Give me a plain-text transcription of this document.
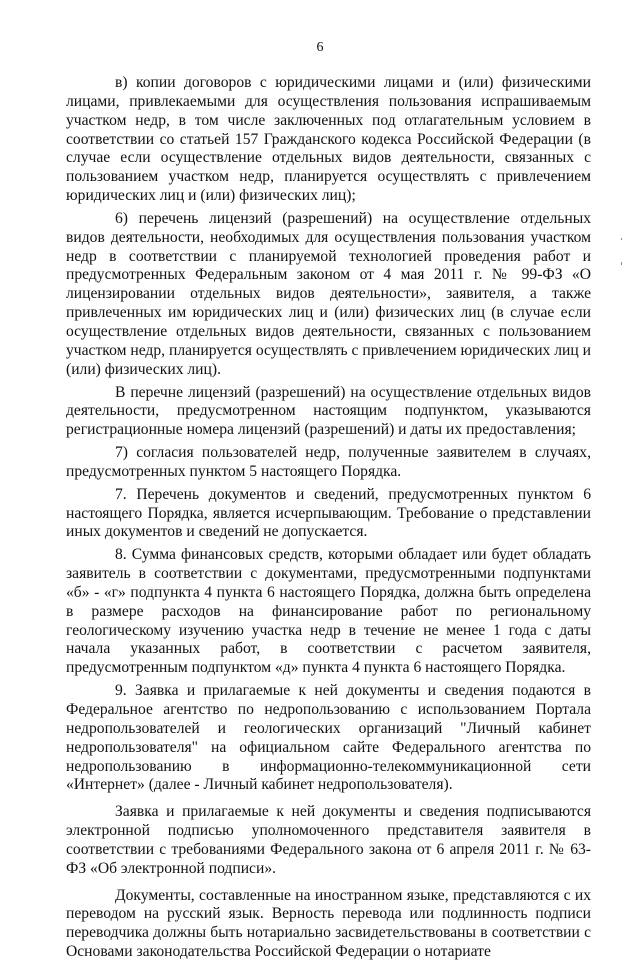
6

в) копии договоров с юридическими лицами и (или) физическими лицами, привлекаемыми для осуществления пользования испрашиваемым участком недр, в том числе заключенных под отлагательным условием в соответствии со статьей 157 Гражданского кодекса Российской Федерации (в случае если осуществление отдельных видов деятельности, связанных с пользованием участком недр, планируется осуществлять с привлечением юридических лиц и (или) физических лиц);

6) перечень лицензий (разрешений) на осуществление отдельных видов деятельности, необходимых для осуществления пользования участком недр в соответствии с планируемой технологией проведения работ и предусмотренных Федеральным законом от 4 мая 2011 г. № 99-ФЗ «О лицензировании отдельных видов деятельности», заявителя, а также привлеченных им юридических лиц и (или) физических лиц (в случае если осуществление отдельных видов деятельности, связанных с пользованием участком недр, планируется осуществлять с привлечением юридических лиц и (или) физических лиц).

В перечне лицензий (разрешений) на осуществление отдельных видов деятельности, предусмотренном настоящим подпунктом, указываются регистрационные номера лицензий (разрешений) и даты их предоставления;

7) согласия пользователей недр, полученные заявителем в случаях, предусмотренных пунктом 5 настоящего Порядка.

7. Перечень документов и сведений, предусмотренных пунктом 6 настоящего Порядка, является исчерпывающим. Требование о представлении иных документов и сведений не допускается.

8. Сумма финансовых средств, которыми обладает или будет обладать заявитель в соответствии с документами, предусмотренными подпунктами «б» - «г» подпункта 4 пункта 6 настоящего Порядка, должна быть определена в размере расходов на финансирование работ по региональному геологическому изучению участка недр в течение не менее 1 года с даты начала указанных работ, в соответствии с расчетом заявителя, предусмотренным подпунктом «д» пункта 4 пункта 6 настоящего Порядка.

9. Заявка и прилагаемые к ней документы и сведения подаются в Федеральное агентство по недропользованию с использованием Портала недропользователей и геологических организаций "Личный кабинет недропользователя" на официальном сайте Федерального агентства по недропользованию в информационно-телекоммуникационной сети «Интернет» (далее - Личный кабинет недропользователя).

Заявка и прилагаемые к ней документы и сведения подписываются электронной подписью уполномоченного представителя заявителя в соответствии с требованиями Федерального закона от 6 апреля 2011 г. № 63-ФЗ «Об электронной подписи».

Документы, составленные на иностранном языке, представляются с их переводом на русский язык. Верность перевода или подлинность подписи переводчика должны быть нотариально засвидетельствованы в соответствии с Основами законодательства Российской Федерации о нотариате
